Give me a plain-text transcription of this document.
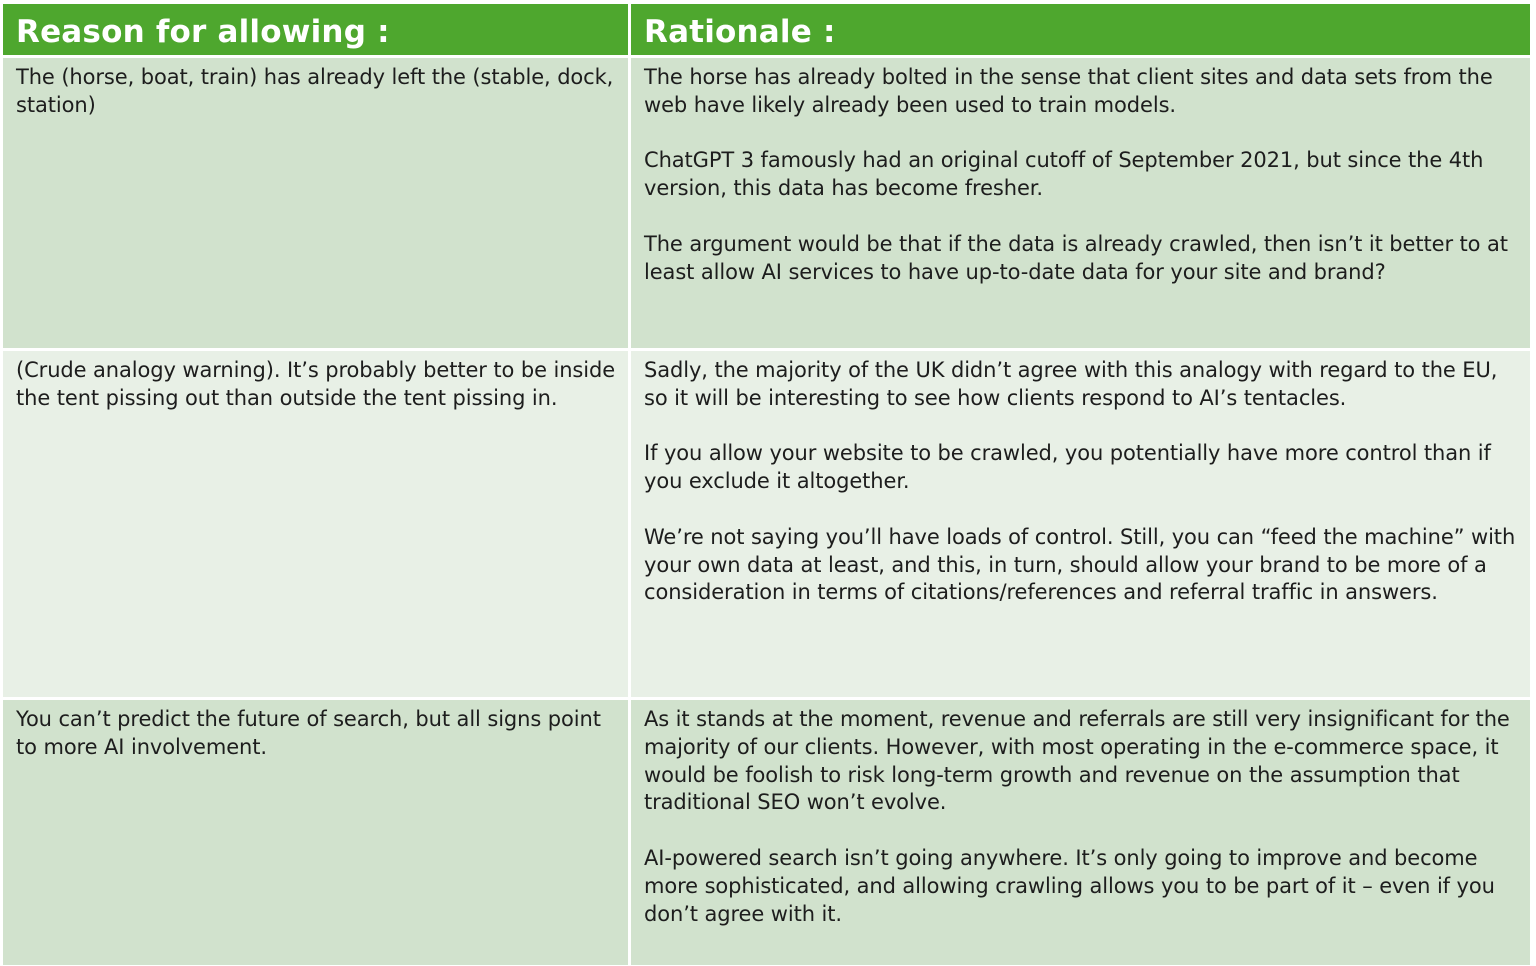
Reason for allowing :	Rationale :
The (horse, boat, train) has already left the (stable, dock, station)	The horse has already bolted in the sense that client sites and data sets from the web have likely already been used to train models.

ChatGPT 3 famously had an original cutoff of September 2021, but since the 4th version, this data has become fresher.

The argument would be that if the data is already crawled, then isn’t it better to at least allow AI services to have up-to-date data for your site and brand?

(Crude analogy warning). It’s probably better to be inside the tent pissing out than outside the tent pissing in.	Sadly, the majority of the UK didn’t agree with this analogy with regard to the EU, so it will be interesting to see how clients respond to AI’s tentacles.

If you allow your website to be crawled, you potentially have more control than if you exclude it altogether.

We’re not saying you’ll have loads of control. Still, you can “feed the machine” with your own data at least, and this, in turn, should allow your brand to be more of a consideration in terms of citations/references and referral traffic in answers.

You can’t predict the future of search, but all signs point to more AI involvement.	As it stands at the moment, revenue and referrals are still very insignificant for the majority of our clients. However, with most operating in the e-commerce space, it would be foolish to risk long-term growth and revenue on the assumption that traditional SEO won’t evolve.

AI-powered search isn’t going anywhere. It’s only going to improve and become more sophisticated, and allowing crawling allows you to be part of it – even if you don’t agree with it.
